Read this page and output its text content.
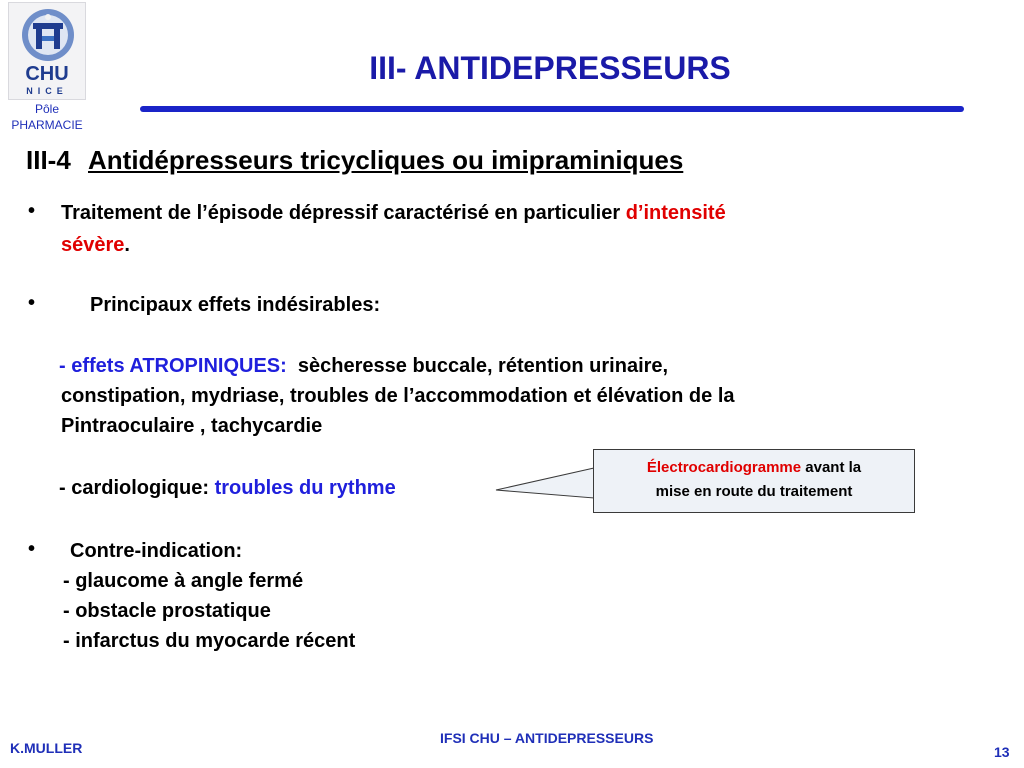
CHU
NICE
Pôle
PHARMACIE
III- ANTIDEPRESSEURS
III-4 Antidépresseurs tricycliques ou imipraminiques
• Traitement de l’épisode dépressif caractérisé en particulier d’intensité
sévère.
•	Principaux effets indésirables:
- effets ATROPINIQUES: sècheresse buccale, rétention urinaire,
constipation, mydriase, troubles de l’accommodation et élévation de la
Pintraoculaire , tachycardie
- cardiologique: troubles du rythme
Électrocardiogramme avant la
mise en route du traitement
• Contre-indication:
- glaucome à angle fermé
- obstacle prostatique
- infarctus du myocarde récent
K.MULLER
IFSI CHU – ANTIDEPRESSEURS
13
